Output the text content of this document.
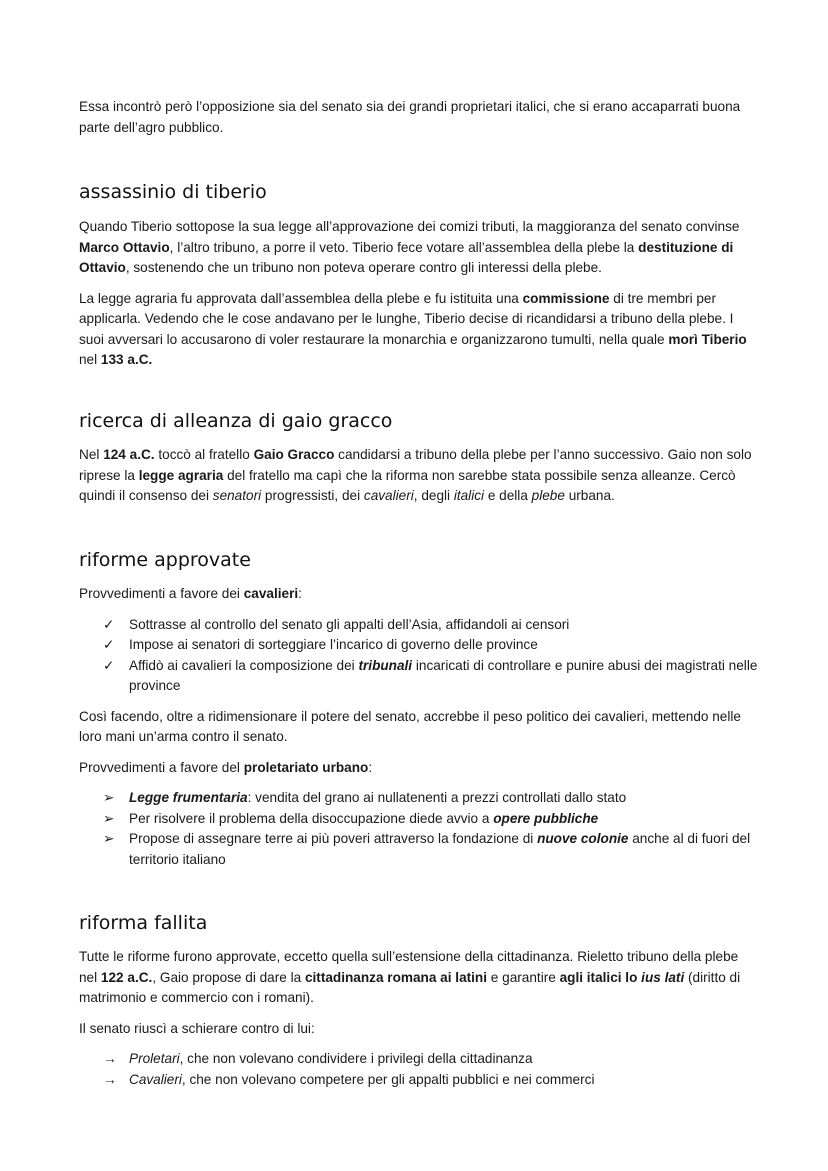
Essa incontrò però l’opposizione sia del senato sia dei grandi proprietari italici, che si erano accaparrati buona parte dell’agro pubblico.

assassinio di tiberio

Quando Tiberio sottopose la sua legge all’approvazione dei comizi tributi, la maggioranza del senato convinse Marco Ottavio, l’altro tribuno, a porre il veto. Tiberio fece votare all’assemblea della plebe la destituzione di Ottavio, sostenendo che un tribuno non poteva operare contro gli interessi della plebe.

La legge agraria fu approvata dall’assemblea della plebe e fu istituita una commissione di tre membri per applicarla. Vedendo che le cose andavano per le lunghe, Tiberio decise di ricandidarsi a tribuno della plebe. I suoi avversari lo accusarono di voler restaurare la monarchia e organizzarono tumulti, nella quale morì Tiberio nel 133 a.C.

ricerca di alleanza di gaio gracco

Nel 124 a.C. toccò al fratello Gaio Gracco candidarsi a tribuno della plebe per l’anno successivo. Gaio non solo riprese la legge agraria del fratello ma capì che la riforma non sarebbe stata possibile senza alleanze. Cercò quindi il consenso dei senatori progressisti, dei cavalieri, degli italici e della plebe urbana.

riforme approvate

Provvedimenti a favore dei cavalieri:

✓	Sottrasse al controllo del senato gli appalti dell’Asia, affidandoli ai censori
✓	Impose ai senatori di sorteggiare l’incarico di governo delle province
✓	Affidò ai cavalieri la composizione dei tribunali incaricati di controllare e punire abusi dei magistrati nelle province

Così facendo, oltre a ridimensionare il potere del senato, accrebbe il peso politico dei cavalieri, mettendo nelle loro mani un’arma contro il senato.

Provvedimenti a favore del proletariato urbano:

➢	Legge frumentaria: vendita del grano ai nullatenenti a prezzi controllati dallo stato
➢	Per risolvere il problema della disoccupazione diede avvio a opere pubbliche
➢	Propose di assegnare terre ai più poveri attraverso la fondazione di nuove colonie anche al di fuori del territorio italiano
riforma fallita

Tutte le riforme furono approvate, eccetto quella sull’estensione della cittadinanza. Rieletto tribuno della plebe nel 122 a.C., Gaio propose di dare la cittadinanza romana ai latini e garantire agli italici lo ius lati (diritto di matrimonio e commercio con i romani).

Il senato riuscì a schierare contro di lui:

→ Proletari, che non volevano condividere i privilegi della cittadinanza
→ Cavalieri, che non volevano competere per gli appalti pubblici e nei commerci
